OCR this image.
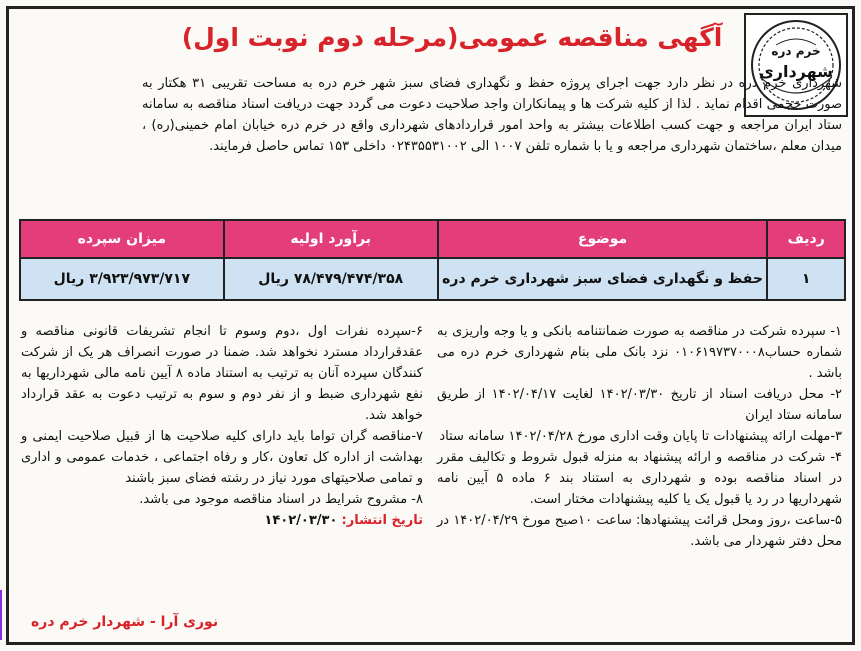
خرم دره
شهرداری
آگهی مناقصه عمومی(مرحله دوم نوبت اول)

شهرداری خرم دره در نظر دارد جهت اجرای پروژه حفظ و نگهداری فضای سبز شهر خرم دره به مساحت تقریبی ۳۱ هکتار به صورت حجمی اقدام نماید . لذا از کلیه شرکت ها و پیمانکاران واجد صلاحیت دعوت می گردد جهت دریافت اسناد مناقصه به سامانه ستاد ایران مراجعه و جهت کسب اطلاعات بیشتر به واحد امور قراردادهای شهرداری واقع در خرم دره خیابان امام خمینی(ره) ، میدان معلم ،ساختمان شهرداری مراجعه و یا با شماره تلفن ۱۰۰۷ الی ۰۲۴۳۵۵۳۱۰۰۲ داخلی ۱۵۳ تماس حاصل فرمایند.

ردیف	موضوع	برآورد اولیه	میزان سپرده
۱	حفظ و نگهداری فضای سبز شهرداری خرم دره	۷۸/۴۷۹/۴۷۴/۳۵۸ ریال	۳/۹۲۳/۹۷۳/۷۱۷ ریال

۱- سپرده شرکت در مناقصه به صورت ضمانتنامه بانکی و یا وجه واریزی به شماره حساب۰۱۰۶۱۹۷۳۷۰۰۰۸ نزد بانک ملی بنام شهرداری خرم دره می باشد .

۲- محل دریافت اسناد از تاریخ ۱۴۰۲/۰۳/۳۰ لغایت ۱۴۰۲/۰۴/۱۷ از طریق سامانه ستاد ایران

۳-مهلت ارائه پیشنهادات تا پایان وقت اداری مورخ ۱۴۰۲/۰۴/۲۸ سامانه ستاد

۴- شرکت در مناقصه و ارائه پیشنهاد به منزله قبول شروط و تکالیف مقرر در اسناد مناقصه بوده و شهرداری به استناد بند ۶ ماده ۵ آیین نامه شهرداریها در رد یا قبول یک یا کلیه پیشنهادات مختار است.

۵-ساعت ،روز ومحل قرائت پیشنهادها: ساعت ۱۰صبح مورخ ۱۴۰۲/۰۴/۲۹ در محل دفتر شهردار می باشد.

۶-سپرده نفرات اول ،دوم وسوم تا انجام تشریفات قانونی مناقصه و عقدقرارداد مسترد نخواهد شد. ضمنا در صورت انصراف هر یک از شرکت کنندگان سپرده آنان به ترتیب به استناد ماده ۸ آیین نامه مالی شهرداریها به نفع شهرداری ضبط و از نفر دوم و سوم به ترتیب دعوت به عقد قرارداد خواهد شد.

۷-مناقصه گران تواما باید دارای کلیه صلاحیت ها از قبیل صلاحیت ایمنی و بهداشت از اداره کل تعاون ،کار و رفاه اجتماعی ، خدمات عمومی و اداری و تمامی صلاحیتهای مورد نیاز در رشته فضای سبز باشند

۸- مشروح شرایط در اسناد مناقصه موجود می باشد.

تاریخ انتشار: ۱۴۰۲/۰۳/۳۰

نوری آرا - شهردار خرم دره
